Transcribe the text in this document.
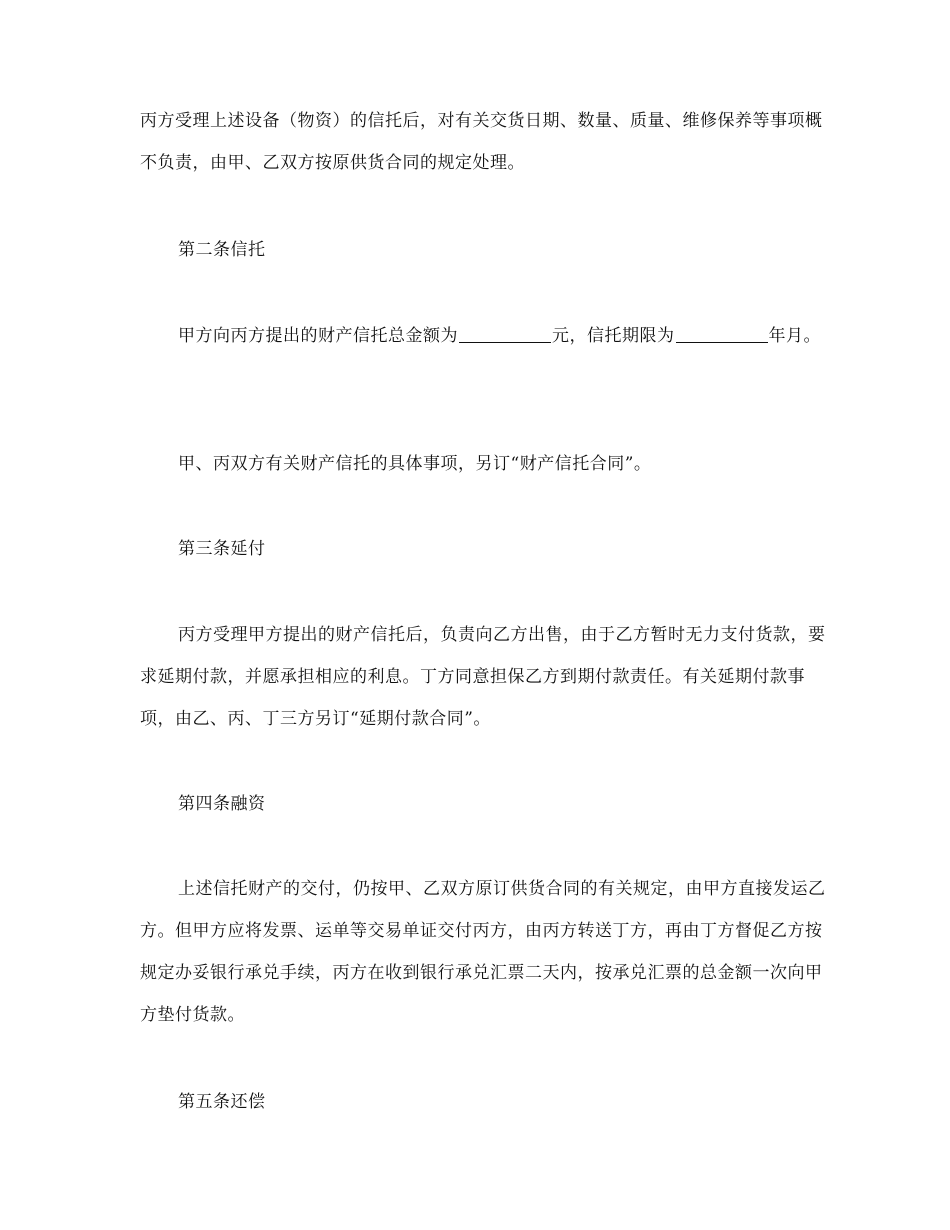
丙方受理上述设备（物资）的信托后，对有关交货日期、数量、质量、维修保养等事项概不负责，由甲、乙双方按原供货合同的规定处理。

第二条信托

甲方向丙方提出的财产信托总金额为	元，信托期限为	年月。

甲、丙双方有关财产信托的具体事项，另订“财产信托合同”。

第三条延付

丙方受理甲方提出的财产信托后，负责向乙方出售，由于乙方暂时无力支付货款，要求延期付款，并愿承担相应的利息。丁方同意担保乙方到期付款责任。有关延期付款事项，由乙、丙、丁三方另订“延期付款合同”。

第四条融资

上述信托财产的交付，仍按甲、乙双方原订供货合同的有关规定，由甲方直接发运乙方。但甲方应将发票、运单等交易单证交付丙方，由丙方转送丁方，再由丁方督促乙方按规定办妥银行承兑手续，丙方在收到银行承兑汇票二天内，按承兑汇票的总金额一次向甲方垫付货款。

第五条还偿
